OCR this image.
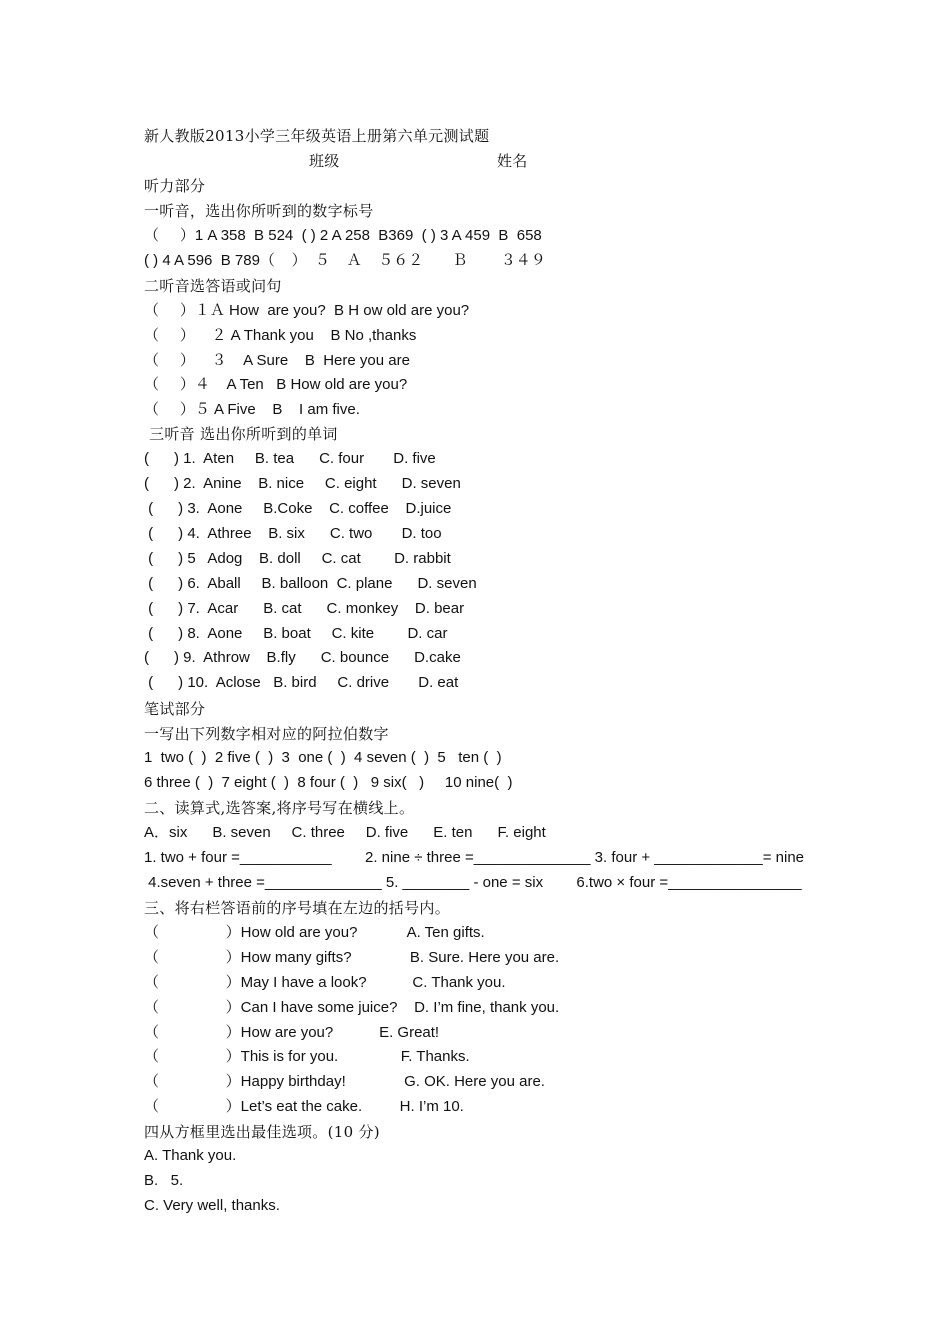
新人教版2013小学三年级英语上册第六单元测试题
班级	姓名
听力部分
一听音，选出你所听到的数字标号
（     ）1 A 358  B 524  ( ) 2 A 258  B369  ( ) 3 A 459  B  658
( ) 4 A 596  B 789（    ）  ５    Ａ    ５６２       Ｂ        ３４９
二听音选答语或问句
（     ）１Ａ How  are you?  B H ow old are you?
（     ）    ２ A Thank you    B No ,thanks
（     ）    ３    A Sure    B  Here you are
（     ）４    A Ten   B How old are you?
（     ）５ A Five    B    I am five.
三听音 选出你所听到的单词
(      ) 1.  Aten     B. tea      C. four       D. five
(      ) 2.  Anine    B. nice     C. eight      D. seven
(      ) 3.  Aone     B.Coke    C. coffee    D.juice
(      ) 4.  Athree    B. six      C. two       D. too
(      ) 5   Adog    B. doll     C. cat        D. rabbit
(      ) 6.  Aball     B. balloon  C. plane      D. seven
(      ) 7.  Acar      B. cat      C. monkey    D. bear
(      ) 8.  Aone     B. boat     C. kite        D. car
(      ) 9.  Athrow    B.fly      C. bounce      D.cake
(      ) 10.  Aclose   B. bird     C. drive       D. eat
笔试部分
一写出下列数字相对应的阿拉伯数字
1  two (  )  2 five (  )  3  one (  )  4 seven (  )  5   ten (  )
6 three (  )  7 eight (  )  8 four (  )   9 six(   )     10 nine(  )
二、读算式,选答案,将序号写在横线上。
A．six      B. seven     C. three     D. five      E. ten      F. eight
1. two + four =___________        2. nine ÷ three =______________ 3. four + _____________= nine
4.seven + three =______________ 5. ________ - one = six        6.two × four =________________
三、将右栏答语前的序号填在左边的括号内。
（                ）How old are you?            A. Ten gifts.
（                ）How many gifts?              B. Sure. Here you are.
（                ）May I have a look?           C. Thank you.
（                ）Can I have some juice?    D. I’m fine, thank you.
（                ）How are you?           E. Great!
（                ）This is for you.               F. Thanks.
（                ）Happy birthday!              G. OK. Here you are.
（                ）Let’s eat the cake.         H. I’m 10.
四从方框里选出最佳选项。(10 分)
A. Thank you.
B.   5.
C. Very well, thanks.
